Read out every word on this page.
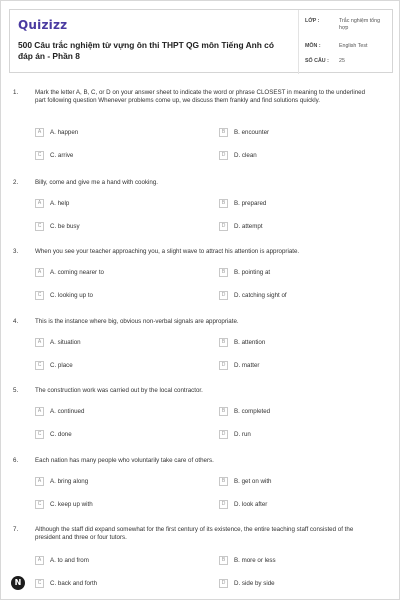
Quizizz
500 Câu trắc nghiệm từ vựng ôn thi THPT QG môn Tiếng Anh có đáp án - Phần 8
LỚP :	Trắc nghiệm tổng hợp
MÔN :	English Test
SỐ CÂU : 25
1.	Mark the letter A, B, C, or D on your answer sheet to indicate the word or phrase CLOSEST in meaning to the underlined part following question Whenever problems come up, we discuss them frankly and find solutions quickly.
A	A. happen	B	B. encounter
C	C. arrive	D	D. clean
2.	Billy, come and give me a hand with cooking.
A	A. help	B	B. prepared
C	C. be busy	D	D. attempt
3.	When you see your teacher approaching you, a slight wave to attract his attention is appropriate.
A	A. coming nearer to	B	B. pointing at
C	C. looking up to	D	D. catching sight of
4.	This is the instance where big, obvious non-verbal signals are appropriate.
A	A. situation	B	B. attention
C	C. place	D	D. matter
5.	The construction work was carried out by the local contractor.
A	A. continued	B	B. completed
C	C. done	D	D. run
6.	Each nation has many people who voluntarily take care of others.
A	A. bring along	B	B. get on with
C	C. keep up with	D	D. look after
7.	Although the staff did expand somewhat for the first century of its existence, the entire teaching staff consisted of the president and three or four tutors.
A	A. to and from	B	B. more or less
C	C. back and forth	D	D. side by side
N
